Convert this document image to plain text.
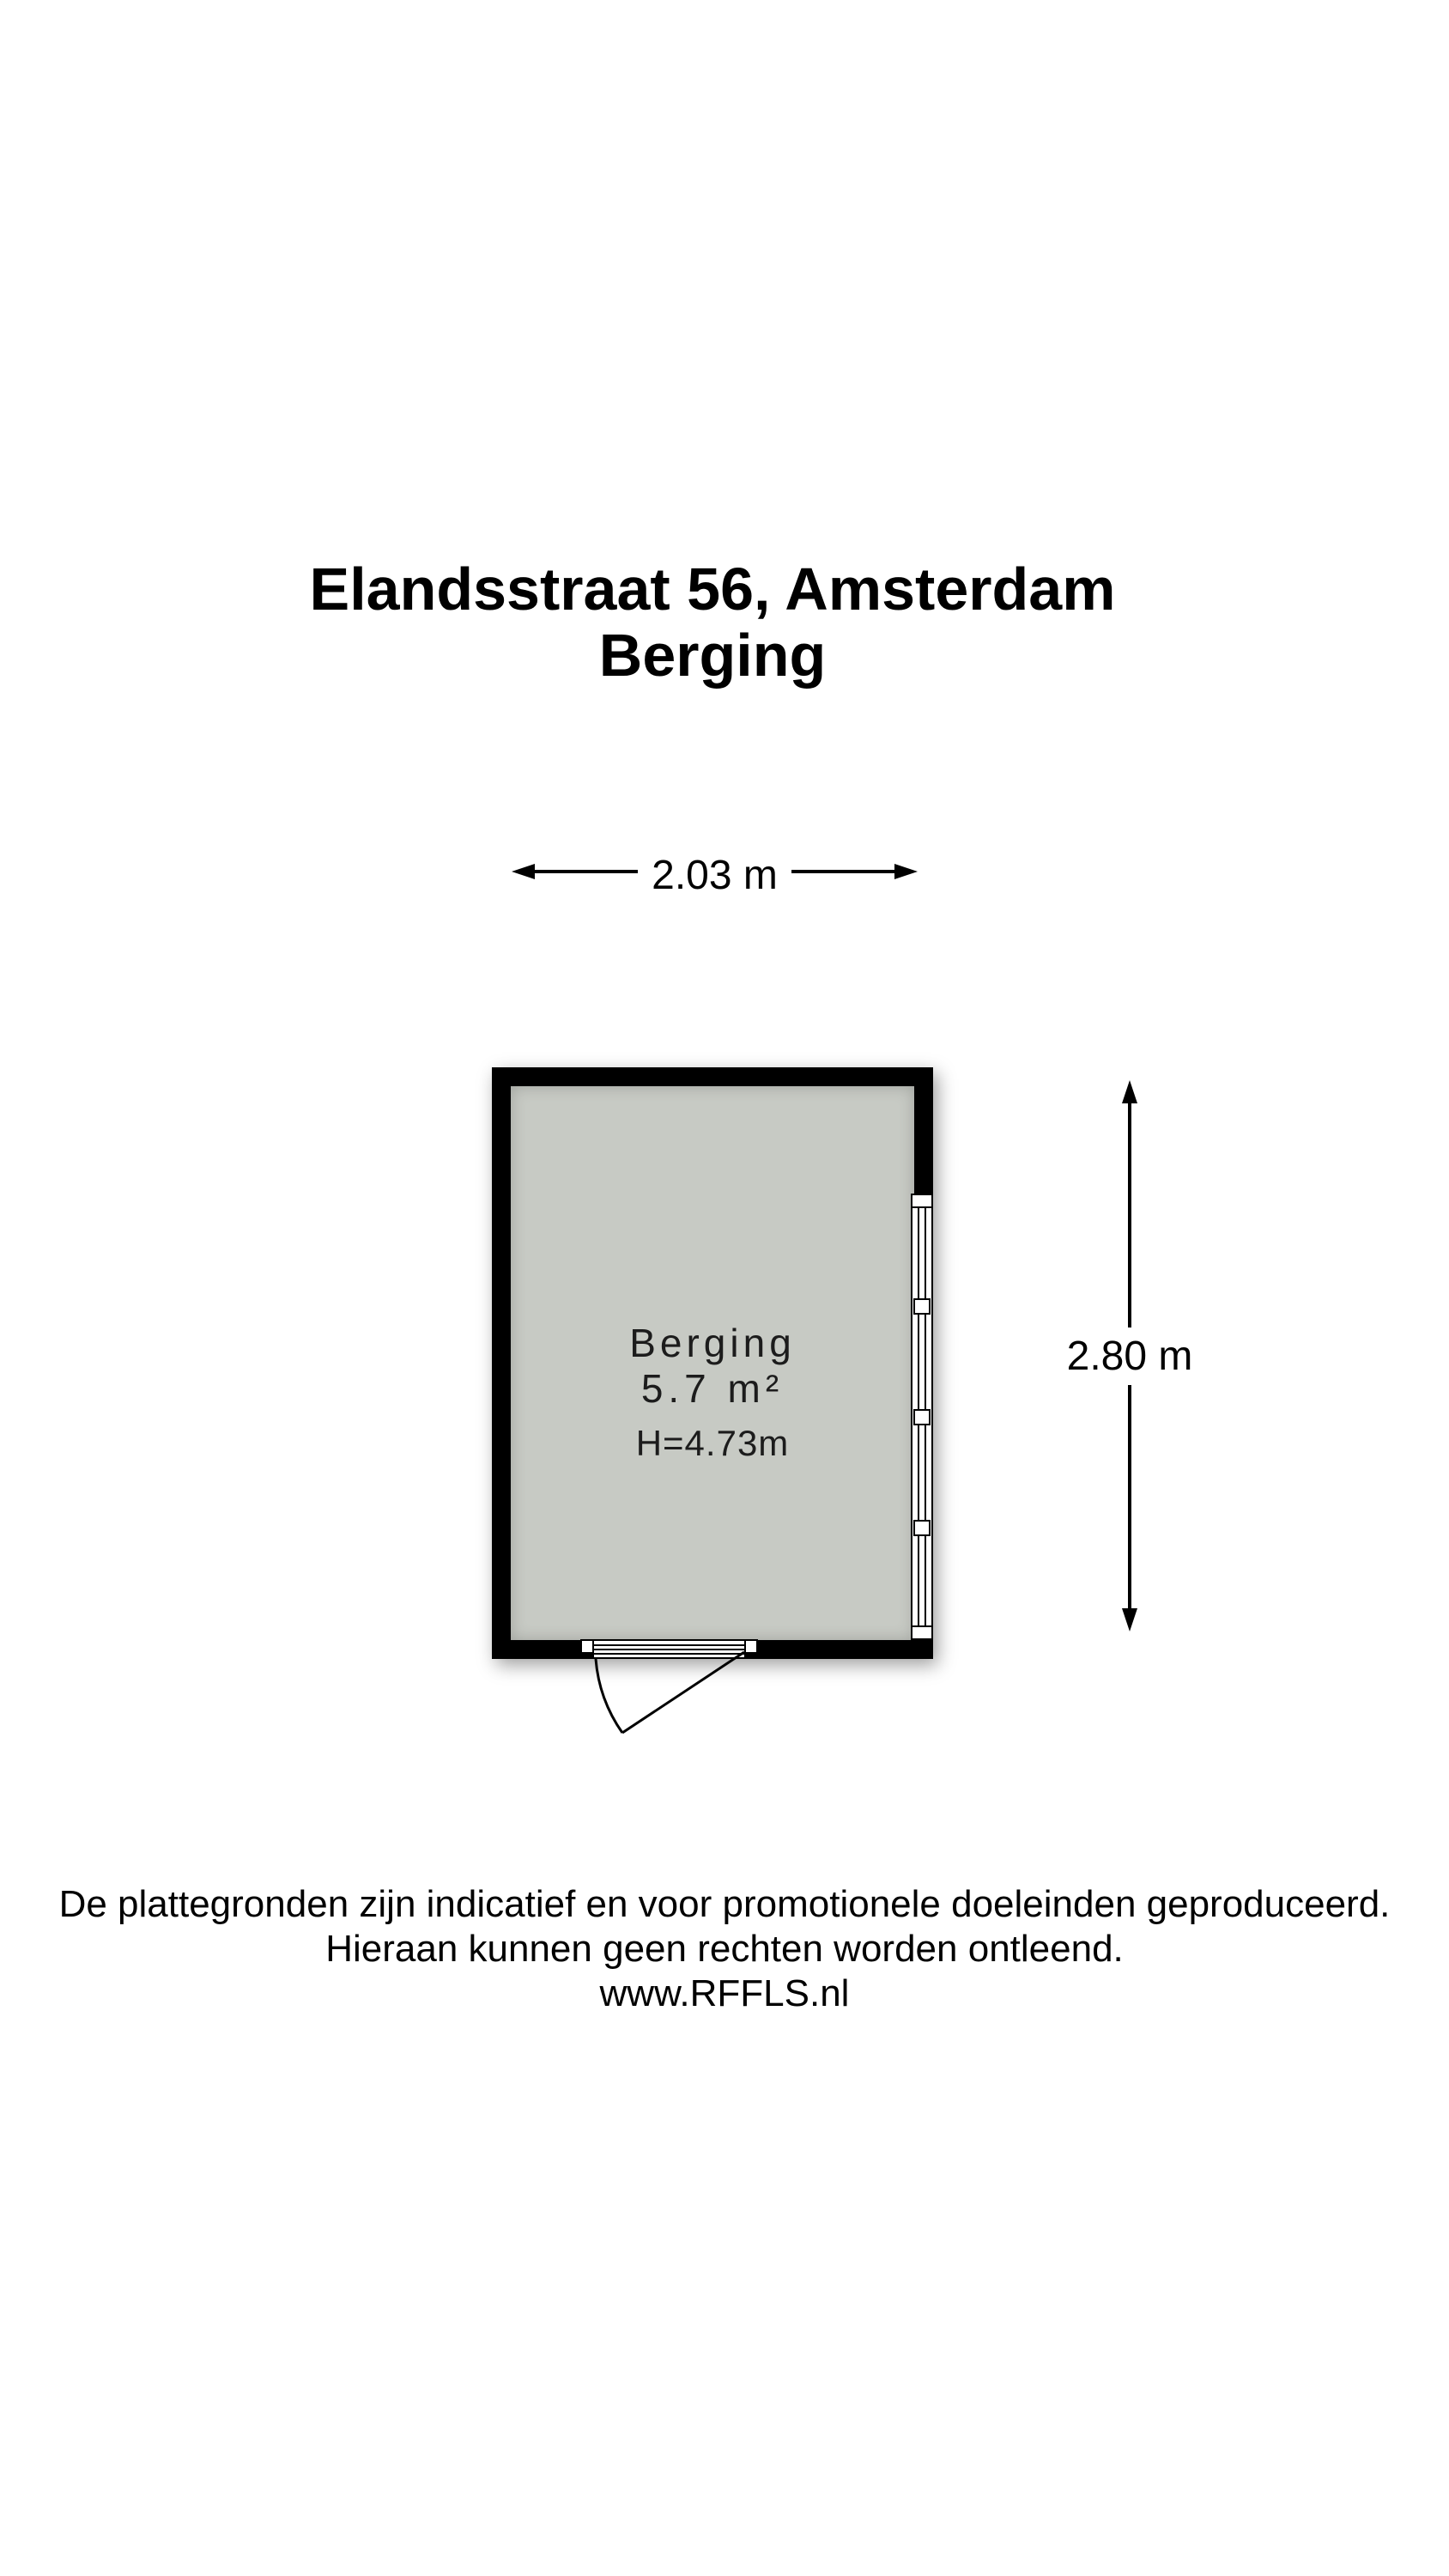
Elandsstraat 56, Amsterdam
Berging
2.03 m
2.80 m
Berging
5.7 m²
H=4.73m
De plattegronden zijn indicatief en voor promotionele doeleinden geproduceerd.
Hieraan kunnen geen rechten worden ontleend.
www.RFFLS.nl
